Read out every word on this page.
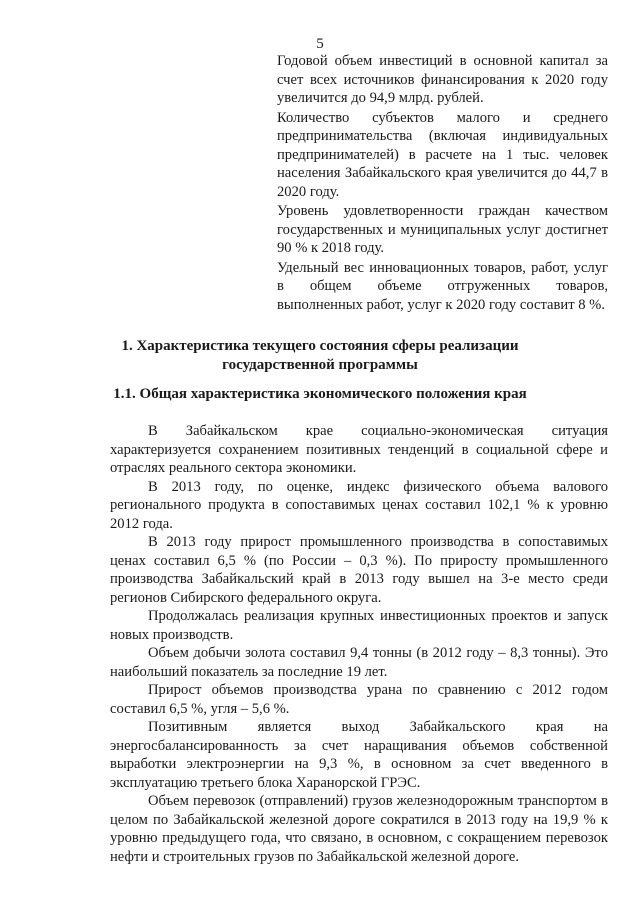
5

Годовой объем инвестиций в основной капитал за счет всех источников финансирования к 2020 году увеличится до 94,9 млрд. рублей.

Количество субъектов малого и среднего предпринимательства (включая индивидуальных предпринимателей) в расчете на 1 тыс. человек населения Забайкальского края увеличится до 44,7 в 2020 году.

Уровень удовлетворенности граждан качеством государственных и муниципальных услуг достигнет 90 % к 2018 году.

Удельный вес инновационных товаров, работ, услуг в общем объеме отгруженных товаров, выполненных работ, услуг к 2020 году составит 8 %.

1. Характеристика текущего состояния сферы реализации
государственной программы
1.1. Общая характеристика экономического положения края

В Забайкальском крае социально-экономическая ситуация характеризуется сохранением позитивных тенденций в социальной сфере и отраслях реального сектора экономики.

В 2013 году, по оценке, индекс физического объема валового регионального продукта в сопоставимых ценах составил 102,1 % к уровню 2012 года.

В 2013 году прирост промышленного производства в сопоставимых ценах составил 6,5 % (по России – 0,3 %). По приросту промышленного производства Забайкальский край в 2013 году вышел на 3-е место среди регионов Сибирского федерального округа.

Продолжалась реализация крупных инвестиционных проектов и запуск новых производств.

Объем добычи золота составил 9,4 тонны (в 2012 году – 8,3 тонны). Это наибольший показатель за последние 19 лет.

Прирост объемов производства урана по сравнению с 2012 годом составил 6,5 %, угля – 5,6 %.

Позитивным является выход Забайкальского края на энергосбалансированность за счет наращивания объемов собственной выработки электроэнергии на 9,3 %, в основном за счет введенного в эксплуатацию третьего блока Харанорской ГРЭС.

Объем перевозок (отправлений) грузов железнодорожным транспортом в целом по Забайкальской железной дороге сократился в 2013 году на 19,9 % к уровню предыдущего года, что связано, в основном, с сокращением перевозок нефти и строительных грузов по Забайкальской железной дороге.
